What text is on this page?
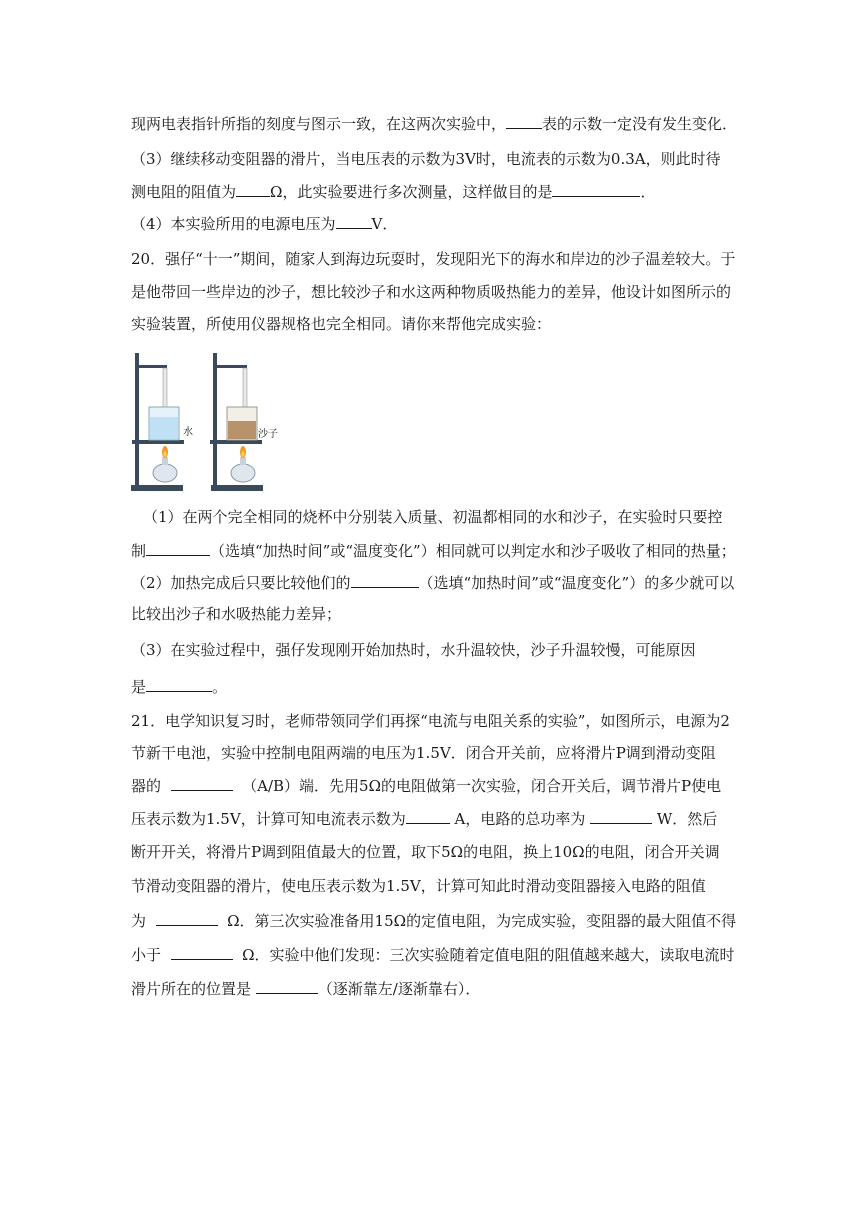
现两电表指针所指的刻度与图示一致，在这两次实验中， 表的示数一定没有发生变化．
（3）继续移动变阻器的滑片，当电压表的示数为3V时，电流表的示数为0.3A，则此时待
测电阻的阻值为 Ω，此实验要进行多次测量，这样做目的是	．
（4）本实验所用的电源电压为 V．
20．强仔“十一”期间，随家人到海边玩耍时，发现阳光下的海水和岸边的沙子温差较大。于
是他带回一些岸边的沙子，想比较沙子和水这两种物质吸热能力的差异，他设计如图所示的
实验装置，所使用仪器规格也完全相同。请你来帮他完成实验：
水	沙子
（1）在两个完全相同的烧杯中分别装入质量、初温都相同的水和沙子，在实验时只要控
制	（选填“加热时间”或“温度变化”）相同就可以判定水和沙子吸收了相同的热量；
（2）加热完成后只要比较他们的	（选填“加热时间”或“温度变化”）的多少就可以
比较出沙子和水吸热能力差异；
（3）在实验过程中，强仔发现刚开始加热时，水升温较快，沙子升温较慢，可能原因
是	。
21．电学知识复习时，老师带领同学们再探“电流与电阻关系的实验”，如图所示，电源为2
节新干电池，实验中控制电阻两端的电压为1.5V．闭合开关前，应将滑片P调到滑动变阻
器的	（A/B）端．先用5Ω的电阻做第一次实验，闭合开关后，调节滑片P使电
压表示数为1.5V，计算可知电流表示数为	A，电路的总功率为	W．然后
断开开关，将滑片P调到阻值最大的位置，取下5Ω的电阻，换上10Ω的电阻，闭合开关调
节滑动变阻器的滑片，使电压表示数为1.5V，计算可知此时滑动变阻器接入电路的阻值
为	Ω．第三次实验准备用15Ω的定值电阻，为完成实验，变阻器的最大阻值不得
小于	Ω．实验中他们发现：三次实验随着定值电阻的阻值越来越大，读取电流时
滑片所在的位置是	（逐渐靠左/逐渐靠右）．
